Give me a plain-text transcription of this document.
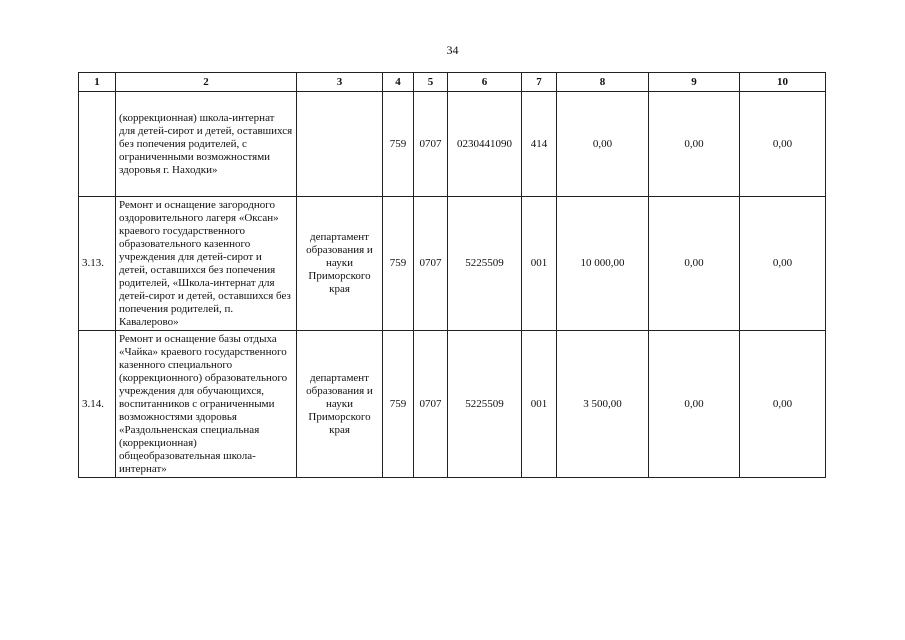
34
1	2	3	4	5	6	7	8	9	10
	(коррекционная) школа-интернат для детей-сирот и детей, оставшихся без попечения родителей, с ограниченными возможностями здоровья г. Находки»		759	0707	0230441090	414	0,00	0,00	0,00
3.13.	Ремонт и оснащение загородного оздоровительного лагеря «Оксан» краевого государственного образовательного казенного учреждения для детей-сирот и детей, оставшихся без попечения родителей, «Школа-интернат для детей-сирот и детей, оставшихся без попечения родителей, п. Кавалерово»	департамент образования и науки Приморского края	759	0707	5225509	001	10 000,00	0,00	0,00
3.14.	Ремонт и оснащение базы отдыха «Чайка» краевого государственного казенного специального (коррекционного) образовательного учреждения для обучающихся, воспитанников с ограниченными возможностями здоровья «Раздольненская специальная (коррекционная) общеобразовательная школа-интернат»	департамент образования и науки Приморского края	759	0707	5225509	001	3 500,00	0,00	0,00
